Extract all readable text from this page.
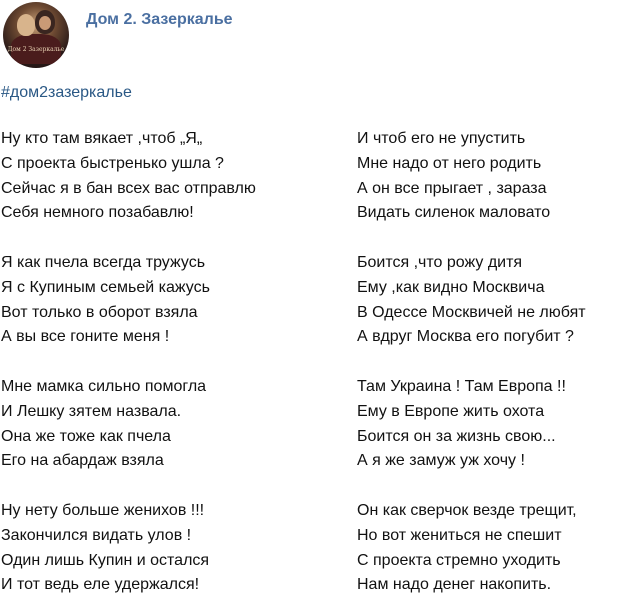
Дом 2 Зазеркалье
Дом 2. Зазеркалье
#дом2зазеркалье
Ну кто там вякает ,чтоб „Я„
С проекта быстренько ушла ?
Сейчас я в бан всех вас отправлю
Себя немного позабавлю!
Я как пчела всегда тружусь
Я с Купиным семьей кажусь
Вот только в оборот взяла
А вы все гоните меня !
Мне мамка сильно помогла
И Лешку зятем назвала.
Она же тоже как пчела
Его на абардаж взяла
Ну нету больше женихов !!!
Закончился видать улов !
Один лишь Купин и остался
И тот ведь еле удержался!
И чтоб его не упустить
Мне надо от него родить
А он все прыгает , зараза
Видать силенок маловато
Боится ,что рожу дитя
Ему ,как видно Москвича
В Одессе Москвичей не любят
А вдруг Москва его погубит ?
Там Украина ! Там Европа !!
Ему в Европе жить охота
Боится он за жизнь свою...
А я же замуж уж хочу !
Он как сверчок везде трещит,
Но вот жениться не спешит
С проекта стремно уходить
Нам надо денег накопить.
